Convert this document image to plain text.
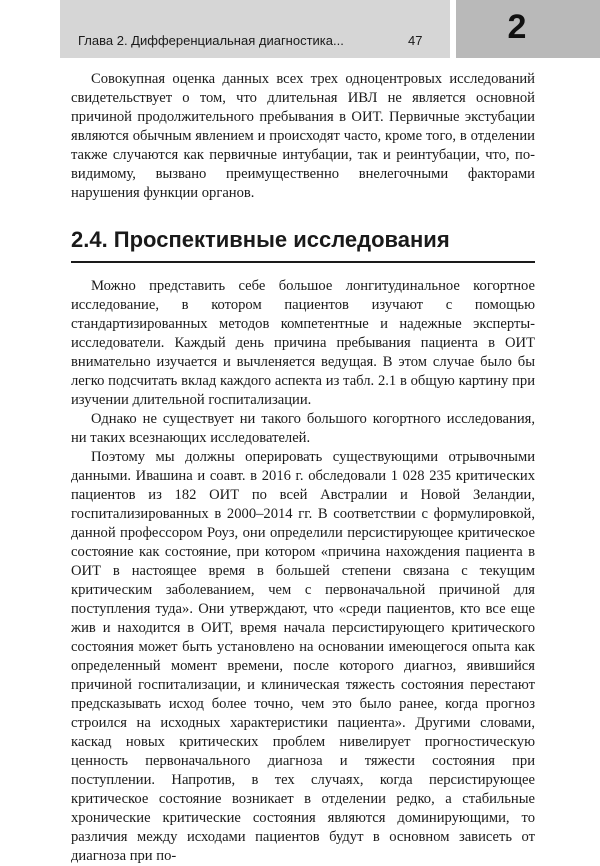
Глава 2. Дифференциальная диагностика...	47	2

Совокупная оценка данных всех трех одноцентровых исследований свидетельствует о том, что длительная ИВЛ не является основной причиной продолжительного пребывания в ОИТ. Первичные экстубации являются обычным явлением и происходят часто, кроме того, в отделении также случаются как первичные интубации, так и реинтубации, что, по-видимому, вызвано преимущественно внелегочными факторами нарушения функции органов.

2.4. Проспективные исследования

Можно представить себе большое лонгитудинальное когортное исследование, в котором пациентов изучают с помощью стандартизированных методов компетентные и надежные эксперты-исследователи. Каждый день причина пребывания пациента в ОИТ внимательно изучается и вычленяется ведущая. В этом случае было бы легко подсчитать вклад каждого аспекта из табл. 2.1 в общую картину при изучении длительной госпитализации.

Однако не существует ни такого большого когортного исследования, ни таких всезнающих исследователей.

Поэтому мы должны оперировать существующими отрывочными данными. Ивашина и соавт. в 2016 г. обследовали 1 028 235 критических пациентов из 182 ОИТ по всей Австралии и Новой Зеландии, госпитализированных в 2000–2014 гг. В соответствии с формулировкой, данной профессором Роуз, они определили персистирующее критическое состояние как состояние, при котором «причина нахождения пациента в ОИТ в настоящее время в большей степени связана с текущим критическим заболеванием, чем с первоначальной причиной для поступления туда». Они утверждают, что «среди пациентов, кто все еще жив и находится в ОИТ, время начала персистирующего критического состояния может быть установлено на основании имеющегося опыта как определенный момент времени, после которого диагноз, явившийся причиной госпитализации, и клиническая тяжесть состояния перестают предсказывать исход более точно, чем это было ранее, когда прогноз строился на исходных характеристики пациента». Другими словами, каскад новых критических проблем нивелирует прогностическую ценность первоначального диагноза и тяжести состояния при поступлении. Напротив, в тех случаях, когда персистирующее критическое состояние возникает в отделении редко, а стабильные хронические критические состояния являются доминирующими, то различия между исходами пациентов будут в основном зависеть от диагноза при по-
